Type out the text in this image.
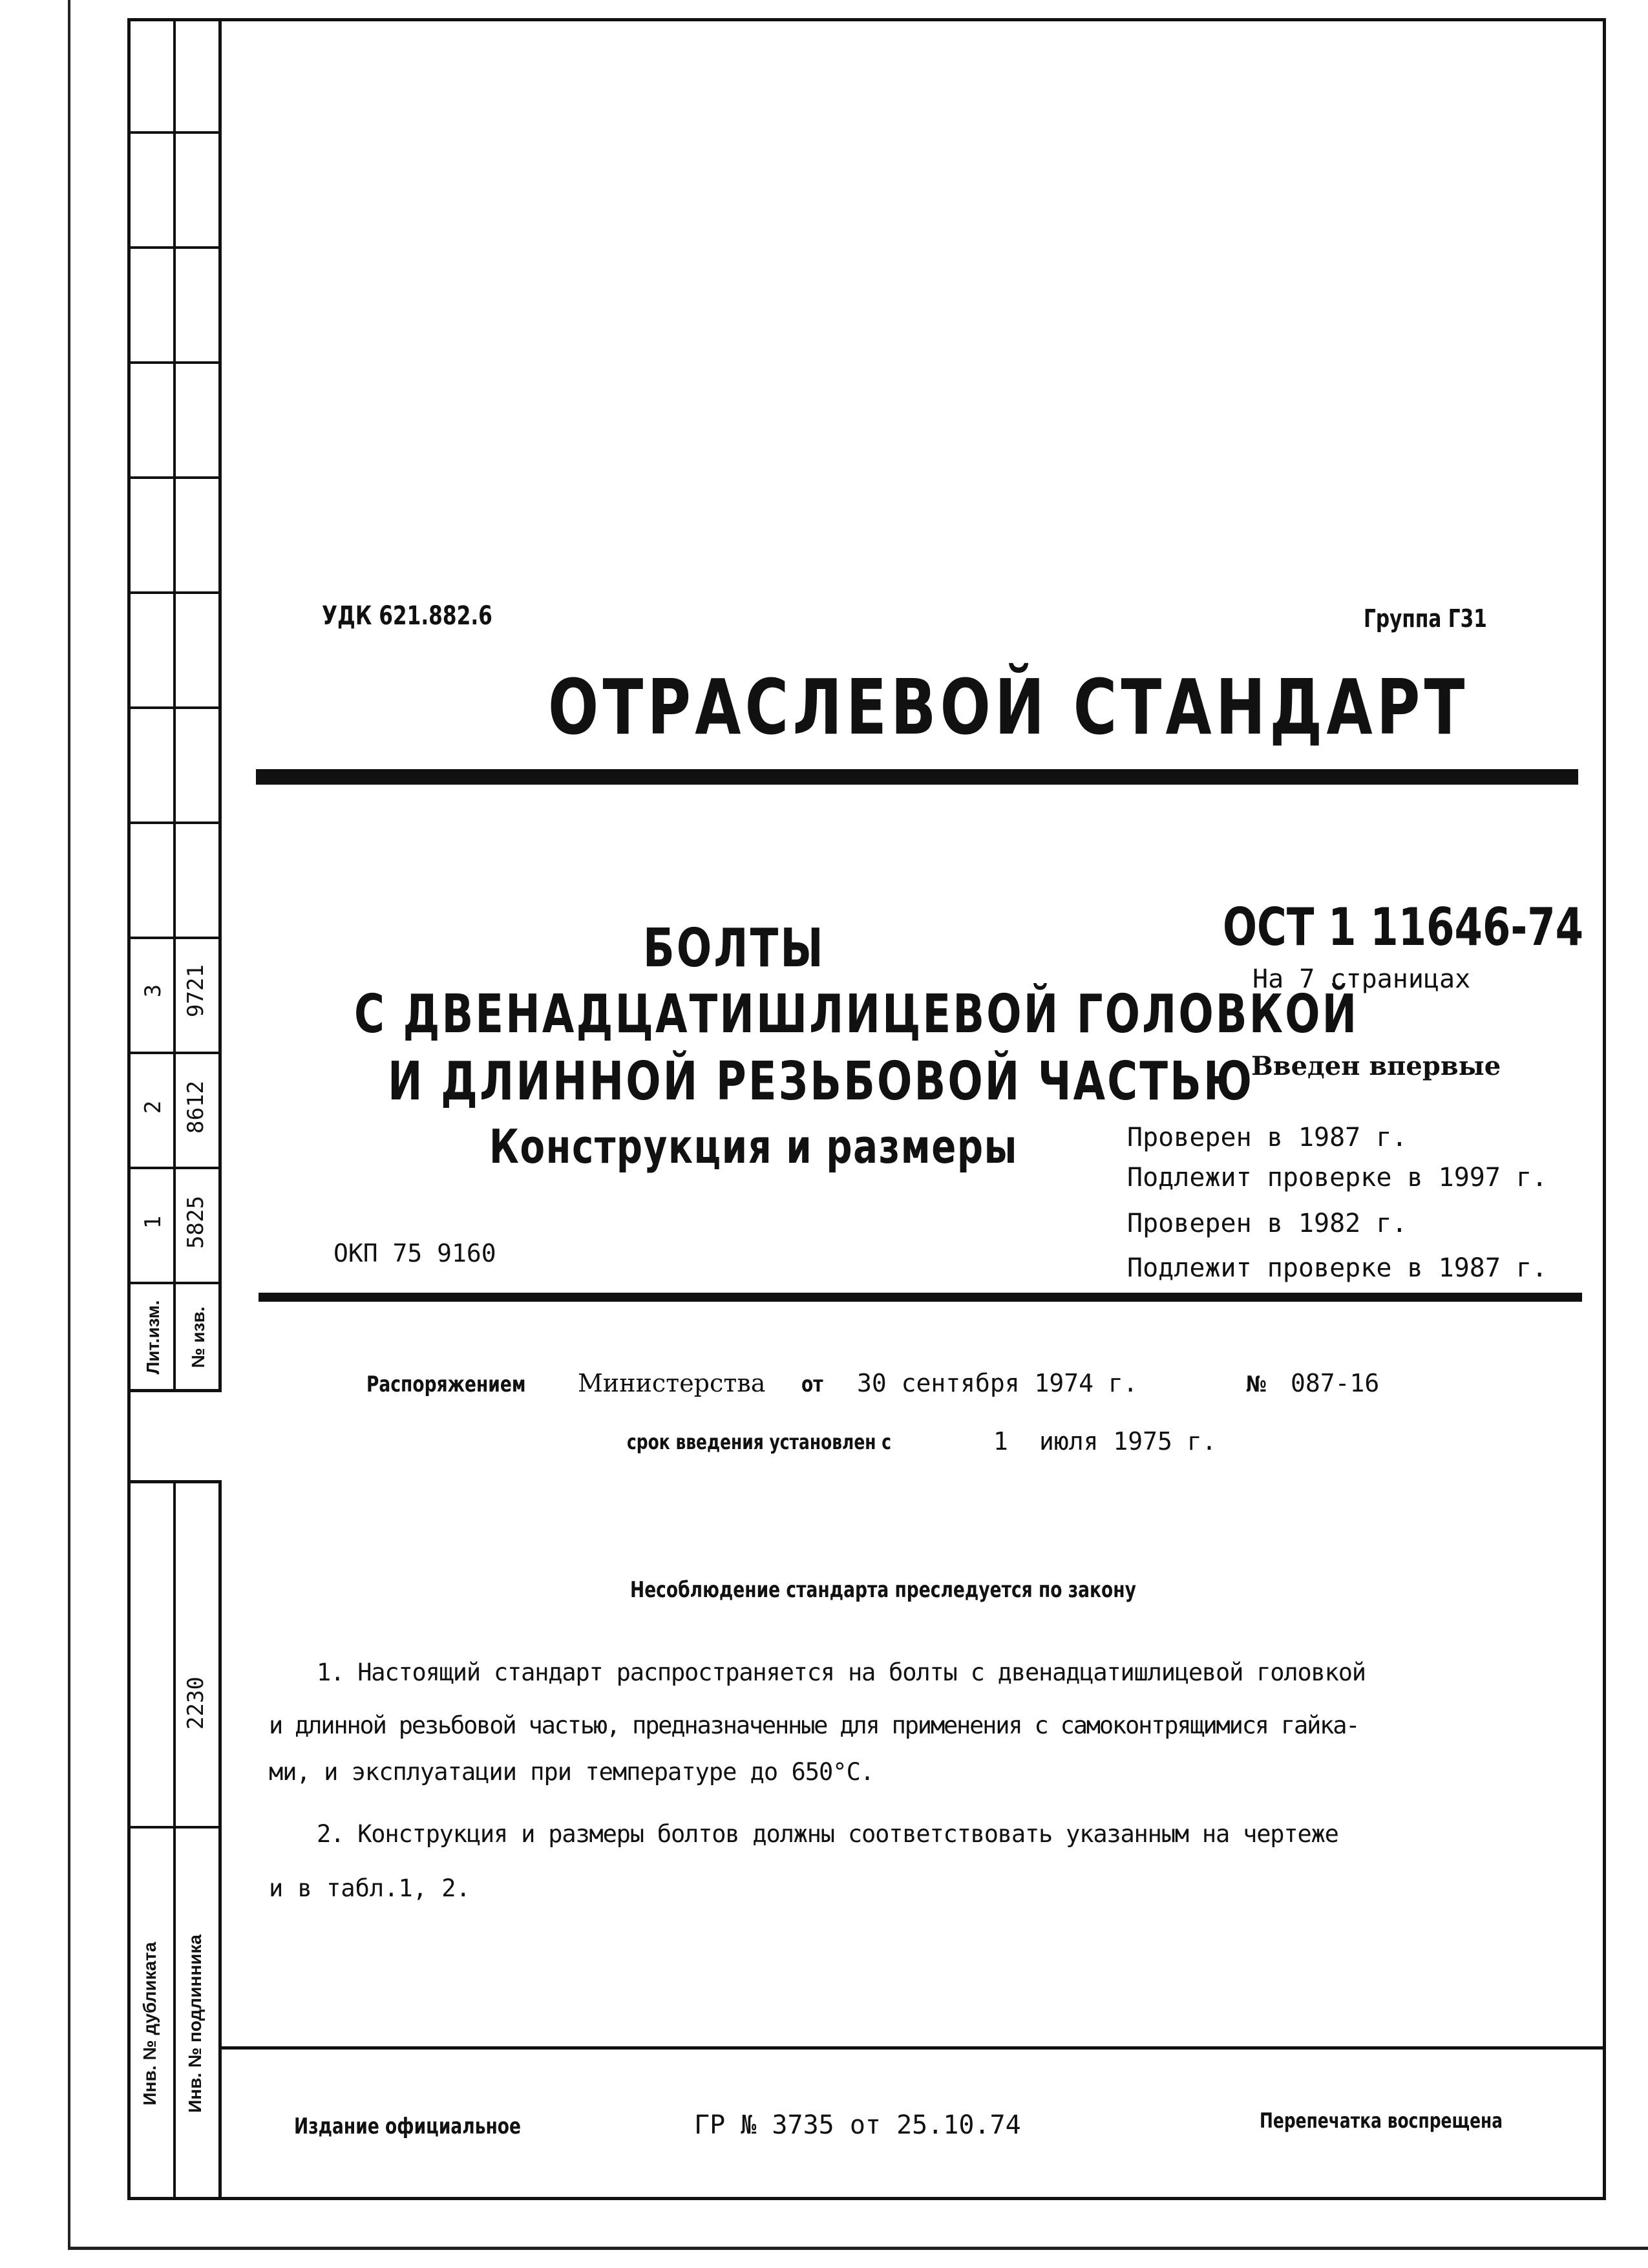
3 9721
2 8612
1 5825
Лит.изм. № изв.
2230
Инв. № дубликата Инв. № подлинника
УДК 621.882.6	Группа Г31
ОТРАСЛЕВОЙ СТАНДАРТ
БОЛТЫ
С ДВЕНАДЦАТИШЛИЦЕВОЙ ГОЛОВКОЙ
И ДЛИННОЙ РЕЗЬБОВОЙ ЧАСТЬЮ
Конструкция и размеры
ОСТ 1 11646-74
На 7 страницах
Введен впервые
Проверен в 1987 г.
Подлежит проверке в 1997 г.
Проверен в 1982 г.
Подлежит проверке в 1987 г.
ОКП 75 9160
Распоряжением Министерства от 30 сентября 1974 г.	№ 087-16
срок введения установлен с	1 июля 1975 г.
Несоблюдение стандарта преследуется по закону
1. Настоящий стандарт распространяется на болты с двенадцатишлицевой головкой
и длинной резьбовой частью, предназначенные для применения с самоконтрящимися гайка-
ми, и эксплуатации при температуре до 650°С.
2. Конструкция и размеры болтов должны соответствовать указанным на чертеже
и в табл.1, 2.
Издание официальное	ГР № 3735 от 25.10.74	Перепечатка воспрещена
